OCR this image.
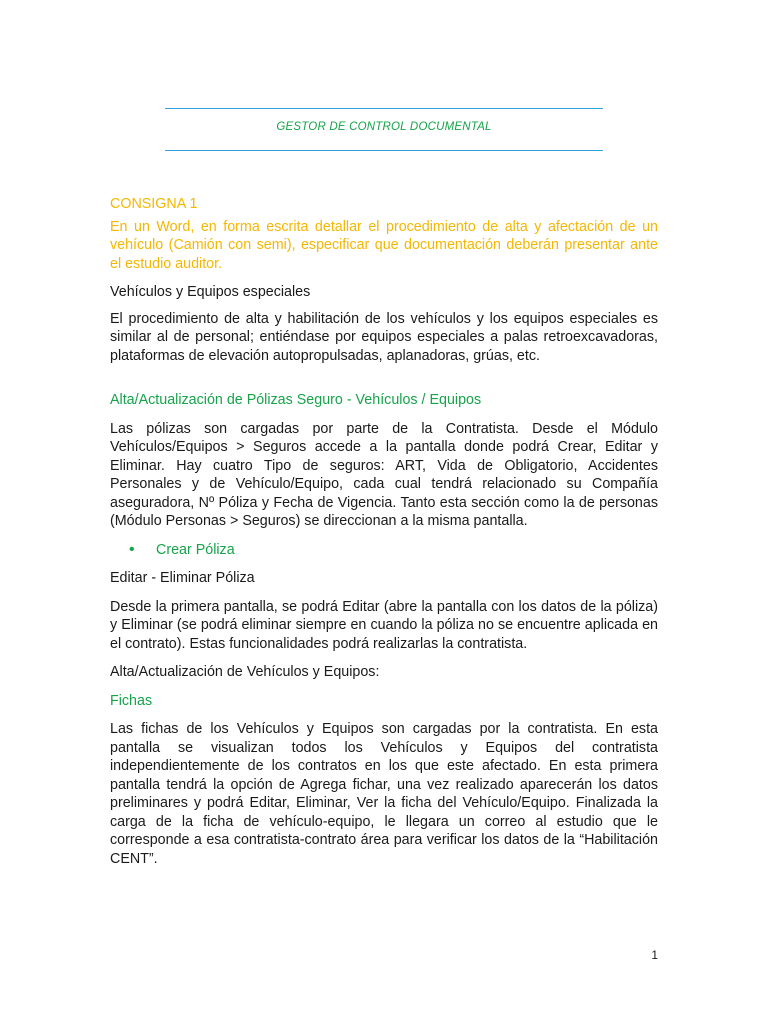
GESTOR DE CONTROL DOCUMENTAL

CONSIGNA 1

En un Word, en forma escrita detallar el procedimiento de alta y afectación de un vehículo (Camión con semi), especificar que documentación deberán presentar ante el estudio auditor.

Vehículos y Equipos especiales

El procedimiento de alta y habilitación de los vehículos y los equipos especiales es similar al de personal; entiéndase por equipos especiales a palas retroexcavadoras, plataformas de elevación autopropulsadas, aplanadoras, grúas, etc.

Alta/Actualización de Pólizas Seguro - Vehículos / Equipos

Las pólizas son cargadas por parte de la Contratista. Desde el Módulo Vehículos/Equipos > Seguros accede a la pantalla donde podrá Crear, Editar y Eliminar. Hay cuatro Tipo de seguros: ART, Vida de Obligatorio, Accidentes Personales y de Vehículo/Equipo, cada cual tendrá relacionado su Compañía aseguradora, Nº Póliza y Fecha de Vigencia. Tanto esta sección como la de personas (Módulo Personas > Seguros) se direccionan a la misma pantalla.

•	Crear Póliza

Editar - Eliminar Póliza

Desde la primera pantalla, se podrá Editar (abre la pantalla con los datos de la póliza) y Eliminar (se podrá eliminar siempre en cuando la póliza no se encuentre aplicada en el contrato). Estas funcionalidades podrá realizarlas la contratista.

Alta/Actualización de Vehículos y Equipos:

Fichas

Las fichas de los Vehículos y Equipos son cargadas por la contratista. En esta pantalla se visualizan todos los Vehículos y Equipos del contratista independientemente de los contratos en los que este afectado. En esta primera pantalla tendrá la opción de Agrega fichar, una vez realizado aparecerán los datos preliminares y podrá Editar, Eliminar, Ver la ficha del Vehículo/Equipo. Finalizada la carga de la ficha de vehículo-equipo, le llegara un correo al estudio que le corresponde a esa contratista-contrato área para verificar los datos de la “Habilitación CENT”.

1
